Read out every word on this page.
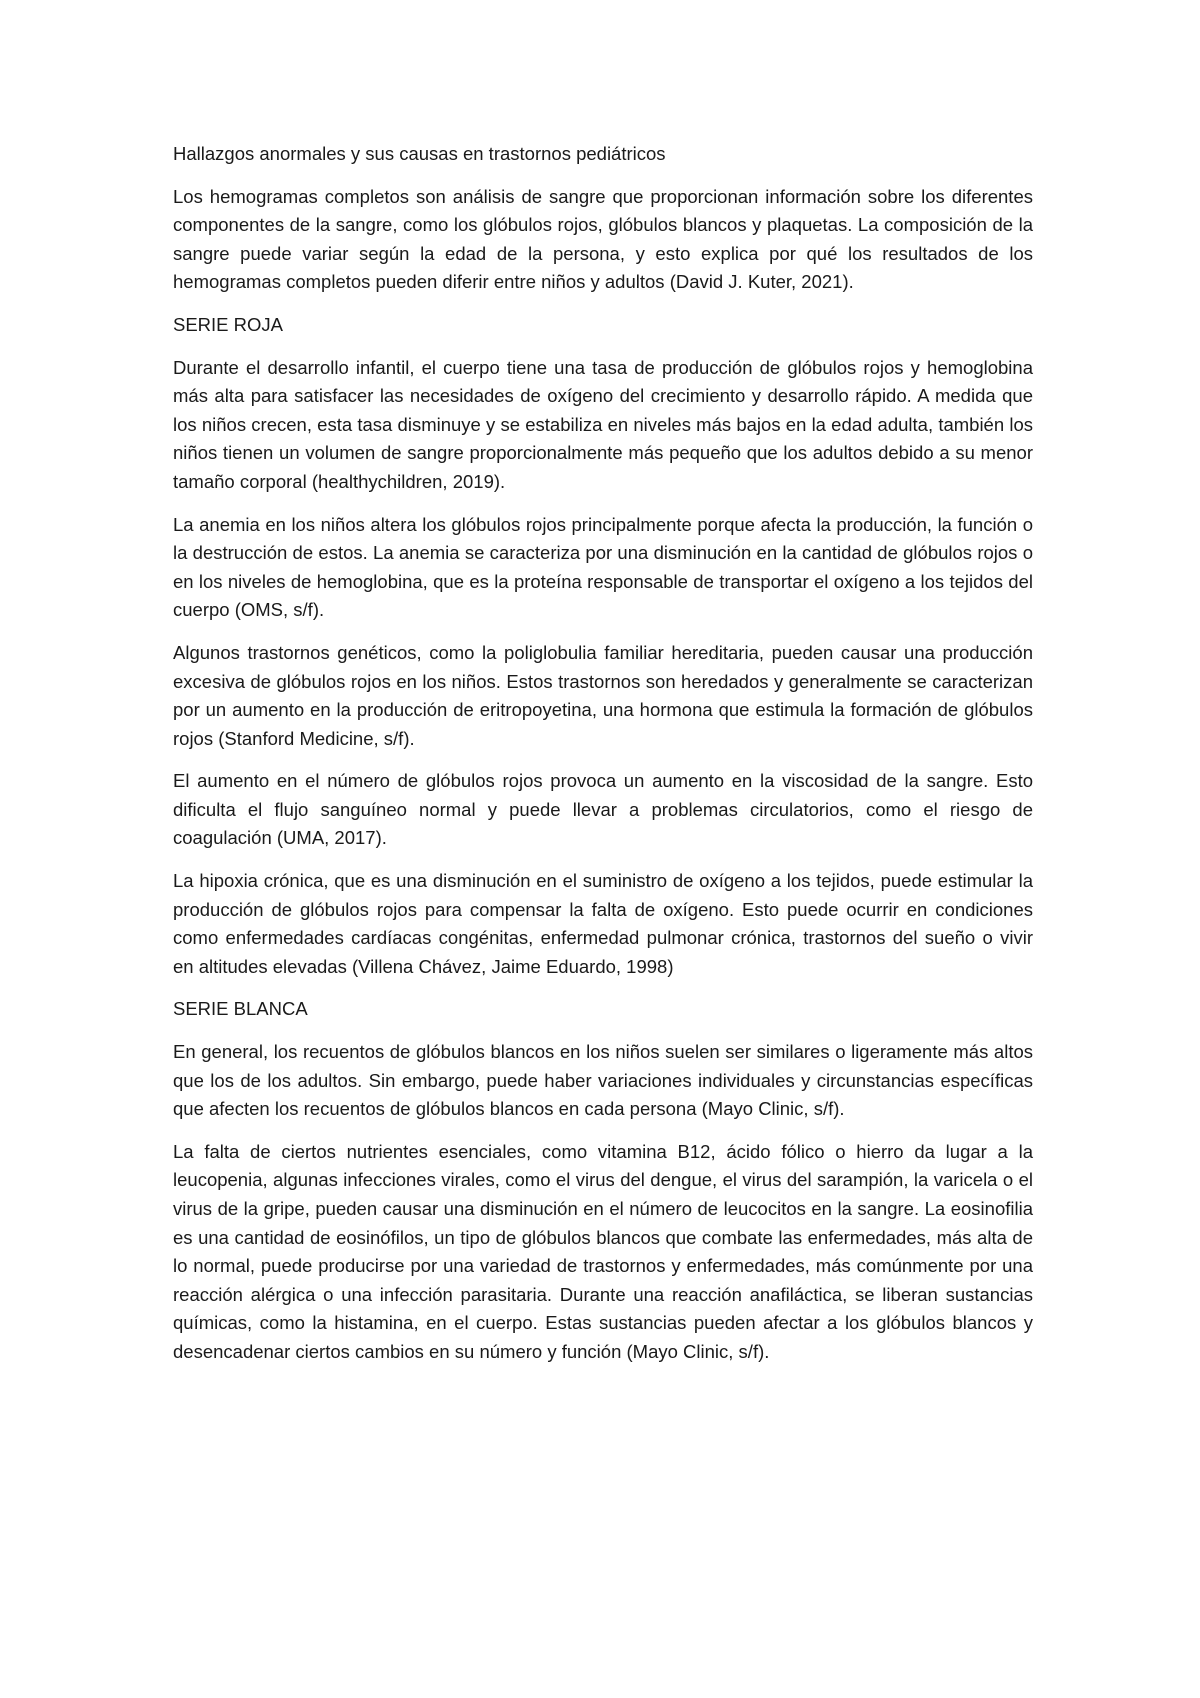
Hallazgos anormales y sus causas en trastornos pediátricos

Los hemogramas completos son análisis de sangre que proporcionan información sobre los diferentes componentes de la sangre, como los glóbulos rojos, glóbulos blancos y plaquetas. La composición de la sangre puede variar según la edad de la persona, y esto explica por qué los resultados de los hemogramas completos pueden diferir entre niños y adultos (David J. Kuter, 2021).

SERIE ROJA

Durante el desarrollo infantil, el cuerpo tiene una tasa de producción de glóbulos rojos y hemoglobina más alta para satisfacer las necesidades de oxígeno del crecimiento y desarrollo rápido. A medida que los niños crecen, esta tasa disminuye y se estabiliza en niveles más bajos en la edad adulta, también los niños tienen un volumen de sangre proporcionalmente más pequeño que los adultos debido a su menor tamaño corporal (healthychildren, 2019).

La anemia en los niños altera los glóbulos rojos principalmente porque afecta la producción, la función o la destrucción de estos. La anemia se caracteriza por una disminución en la cantidad de glóbulos rojos o en los niveles de hemoglobina, que es la proteína responsable de transportar el oxígeno a los tejidos del cuerpo (OMS, s/f).

Algunos trastornos genéticos, como la poliglobulia familiar hereditaria, pueden causar una producción excesiva de glóbulos rojos en los niños. Estos trastornos son heredados y generalmente se caracterizan por un aumento en la producción de eritropoyetina, una hormona que estimula la formación de glóbulos rojos (Stanford Medicine, s/f).

El aumento en el número de glóbulos rojos provoca un aumento en la viscosidad de la sangre. Esto dificulta el flujo sanguíneo normal y puede llevar a problemas circulatorios, como el riesgo de coagulación (UMA, 2017).

La hipoxia crónica, que es una disminución en el suministro de oxígeno a los tejidos, puede estimular la producción de glóbulos rojos para compensar la falta de oxígeno. Esto puede ocurrir en condiciones como enfermedades cardíacas congénitas, enfermedad pulmonar crónica, trastornos del sueño o vivir en altitudes elevadas (Villena Chávez, Jaime Eduardo, 1998)

SERIE BLANCA

En general, los recuentos de glóbulos blancos en los niños suelen ser similares o ligeramente más altos que los de los adultos. Sin embargo, puede haber variaciones individuales y circunstancias específicas que afecten los recuentos de glóbulos blancos en cada persona (Mayo Clinic, s/f).

La falta de ciertos nutrientes esenciales, como vitamina B12, ácido fólico o hierro da lugar a la leucopenia, algunas infecciones virales, como el virus del dengue, el virus del sarampión, la varicela o el virus de la gripe, pueden causar una disminución en el número de leucocitos en la sangre. La eosinofilia es una cantidad de eosinófilos, un tipo de glóbulos blancos que combate las enfermedades, más alta de lo normal, puede producirse por una variedad de trastornos y enfermedades, más comúnmente por una reacción alérgica o una infección parasitaria. Durante una reacción anafiláctica, se liberan sustancias químicas, como la histamina, en el cuerpo. Estas sustancias pueden afectar a los glóbulos blancos y desencadenar ciertos cambios en su número y función (Mayo Clinic, s/f).
